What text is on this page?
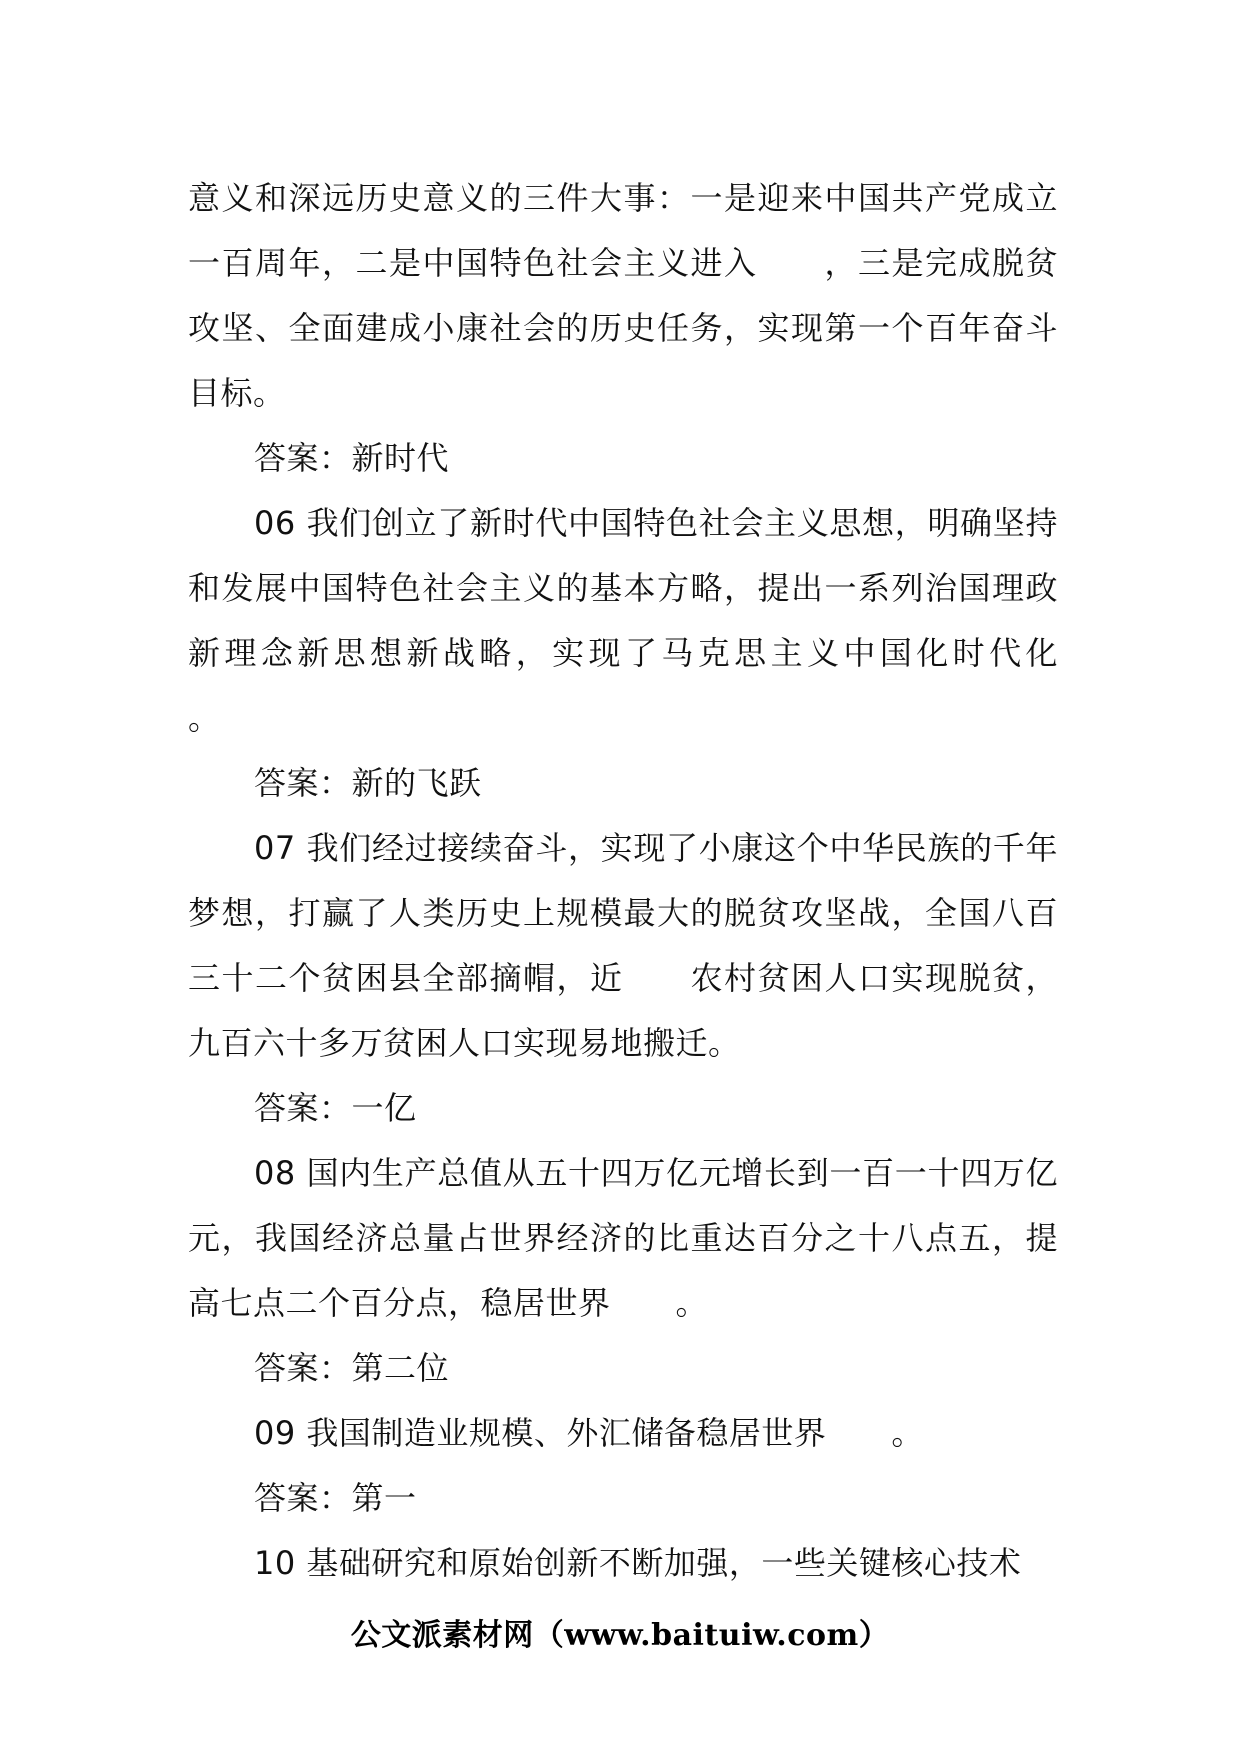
意义和深远历史意义的三件大事：一是迎来中国共产党成立一百周年，二是中国特色社会主义进入　　，三是完成脱贫攻坚、全面建成小康社会的历史任务，实现第一个百年奋斗目标。

答案：新时代

06 我们创立了新时代中国特色社会主义思想，明确坚持和发展中国特色社会主义的基本方略，提出一系列治国理政新理念新思想新战略，实现了马克思主义中国化时代化　　。

答案：新的飞跃

07 我们经过接续奋斗，实现了小康这个中华民族的千年梦想，打赢了人类历史上规模最大的脱贫攻坚战，全国八百三十二个贫困县全部摘帽，近　　农村贫困人口实现脱贫，九百六十多万贫困人口实现易地搬迁。

答案：一亿

08 国内生产总值从五十四万亿元增长到一百一十四万亿元，我国经济总量占世界经济的比重达百分之十八点五，提高七点二个百分点，稳居世界　　。

答案：第二位

09 我国制造业规模、外汇储备稳居世界　　。

答案：第一

10 基础研究和原始创新不断加强，一些关键核心技术

公文派素材网（www.baituiw.com）
